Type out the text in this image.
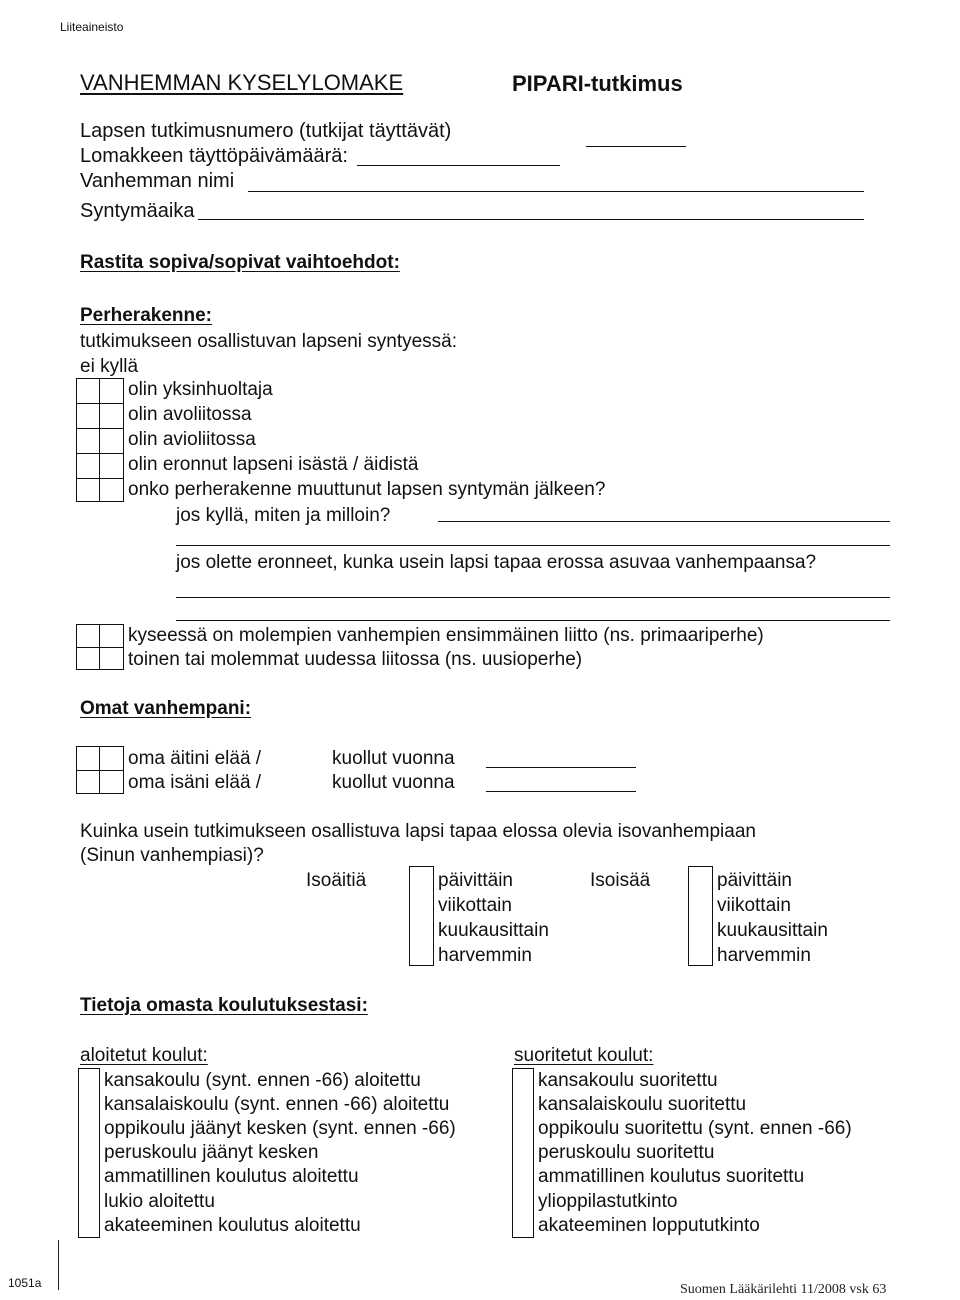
Liiteaineisto
VANHEMMAN KYSELYLOMAKE	PIPARI-tutkimus
Lapsen tutkimusnumero (tutkijat täyttävät)
Lomakkeen täyttöpäivämäärä:
Vanhemman nimi
Syntymäaika
Rastita sopiva/sopivat vaihtoehdot:
Perherakenne:
tutkimukseen osallistuvan lapseni syntyessä:
ei kyllä
olin yksinhuoltaja
olin avoliitossa
olin avioliitossa
olin eronnut lapseni isästä / äidistä
onko perherakenne muuttunut lapsen syntymän jälkeen?
jos kyllä, miten ja milloin?
jos olette eronneet, kunka usein lapsi tapaa erossa asuvaa vanhempaansa?
kyseessä on molempien vanhempien ensimmäinen liitto (ns. primaariperhe)
toinen tai molemmat uudessa liitossa (ns. uusioperhe)
Omat vanhempani:
oma äitini elää /	kuollut vuonna
oma isäni elää /	kuollut vuonna
Kuinka usein tutkimukseen osallistuva lapsi tapaa elossa olevia isovanhempiaan
(Sinun vanhempiasi)?
Isoäitiä	Isoisää
päivittäin
viikottain
kuukausittain
harvemmin
päivittäin
viikottain
kuukausittain
harvemmin
Tietoja omasta koulutuksestasi:
aloitetut koulut:
kansakoulu (synt. ennen -66) aloitettu
kansalaiskoulu (synt. ennen -66) aloitettu
oppikoulu jäänyt kesken (synt. ennen -66)
peruskoulu jäänyt kesken
ammatillinen koulutus aloitettu
lukio aloitettu
akateeminen koulutus aloitettu
suoritetut koulut:
kansakoulu suoritettu
kansalaiskoulu suoritettu
oppikoulu suoritettu (synt. ennen -66)
peruskoulu suoritettu
ammatillinen koulutus suoritettu
ylioppilastutkinto
akateeminen loppututkinto
1051a	Suomen Lääkärilehti 11/2008 vsk 63
